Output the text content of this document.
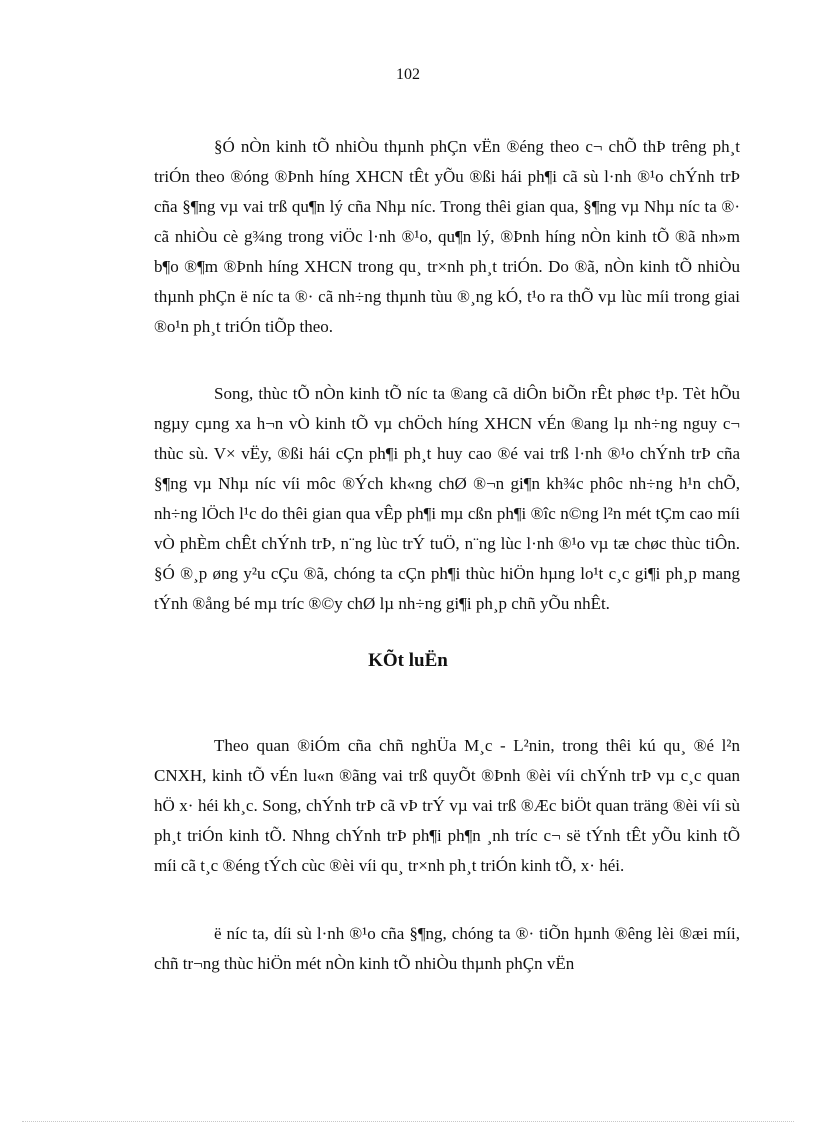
102

§Ó nÒn kinh tÕ nhiÒu thµnh phÇn vËn ®éng theo c¬ chÕ thÞ trêng ph¸t triÓn theo ®óng ®Þnh híng XHCN tÊt yÕu ®ßi hái ph¶i cã sù l·nh ®¹o chÝnh trÞ cña §¶ng vµ vai trß qu¶n lý cña Nhµ níc. Trong thêi gian qua, §¶ng vµ Nhµ níc ta ®· cã nhiÒu cè g¾ng trong viÖc l·nh ®¹o, qu¶n lý, ®Þnh híng nÒn kinh tÕ ®ã nh»m b¶o ®¶m ®Þnh híng XHCN trong qu¸ tr×nh ph¸t triÓn. Do ®ã, nÒn kinh tÕ nhiÒu thµnh phÇn ë níc ta ®· cã nh÷ng thµnh tùu ®¸ng kÓ, t¹o ra thÕ vµ lùc míi trong giai ®o¹n ph¸t triÓn tiÕp theo.

Song, thùc tÕ nÒn kinh tÕ níc ta ®ang cã diÔn biÕn rÊt phøc t¹p. Tèt hÕu ngµy cµng xa h¬n vÒ kinh tÕ vµ chÖch híng XHCN vÉn ®ang lµ nh÷ng nguy c¬ thùc sù. V× vËy, ®ßi hái cÇn ph¶i ph¸t huy cao ®é vai trß l·nh ®¹o chÝnh trÞ cña §¶ng vµ Nhµ níc víi môc ®Ých kh«ng chØ ®¬n gi¶n kh¾c phôc nh÷ng h¹n chÕ, nh÷ng lÖch l¹c do thêi gian qua vÊp ph¶i mµ cßn ph¶i ®îc n©ng l²n mét tÇm cao míi vÒ phÈm chÊt chÝnh trÞ, n¨ng lùc trÝ tuÖ, n¨ng lùc l·nh ®¹o vµ tæ chøc thùc tiÔn. §Ó ®¸p øng y²u cÇu ®ã, chóng ta cÇn ph¶i thùc hiÖn hµng lo¹t c¸c gi¶i ph¸p mang tÝnh ®ång bé mµ tríc ®©y chØ lµ nh÷ng gi¶i ph¸p chñ yÕu nhÊt.

KÕt luËn

Theo quan ®iÓm cña chñ nghÜa M¸c - L²nin, trong thêi kú qu¸ ®é l²n CNXH, kinh tÕ vÉn lu«n ®ãng vai trß quyÕt ®Þnh ®èi víi chÝnh trÞ vµ c¸c quan hÖ x· héi kh¸c. Song, chÝnh trÞ cã vÞ trÝ vµ vai trß ®Æc biÖt quan träng ®èi víi sù ph¸t triÓn kinh tÕ. Nhng chÝnh trÞ ph¶i ph¶n ¸nh tríc c¬ së tÝnh tÊt yÕu kinh tÕ míi cã t¸c ®éng tÝch cùc ®èi víi qu¸ tr×nh ph¸t triÓn kinh tÕ, x· héi.

ë níc ta, díi sù l·nh ®¹o cña §¶ng, chóng ta ®· tiÕn hµnh ®êng lèi ®æi míi, chñ tr¬ng thùc hiÖn mét nÒn kinh tÕ nhiÒu thµnh phÇn vËn
